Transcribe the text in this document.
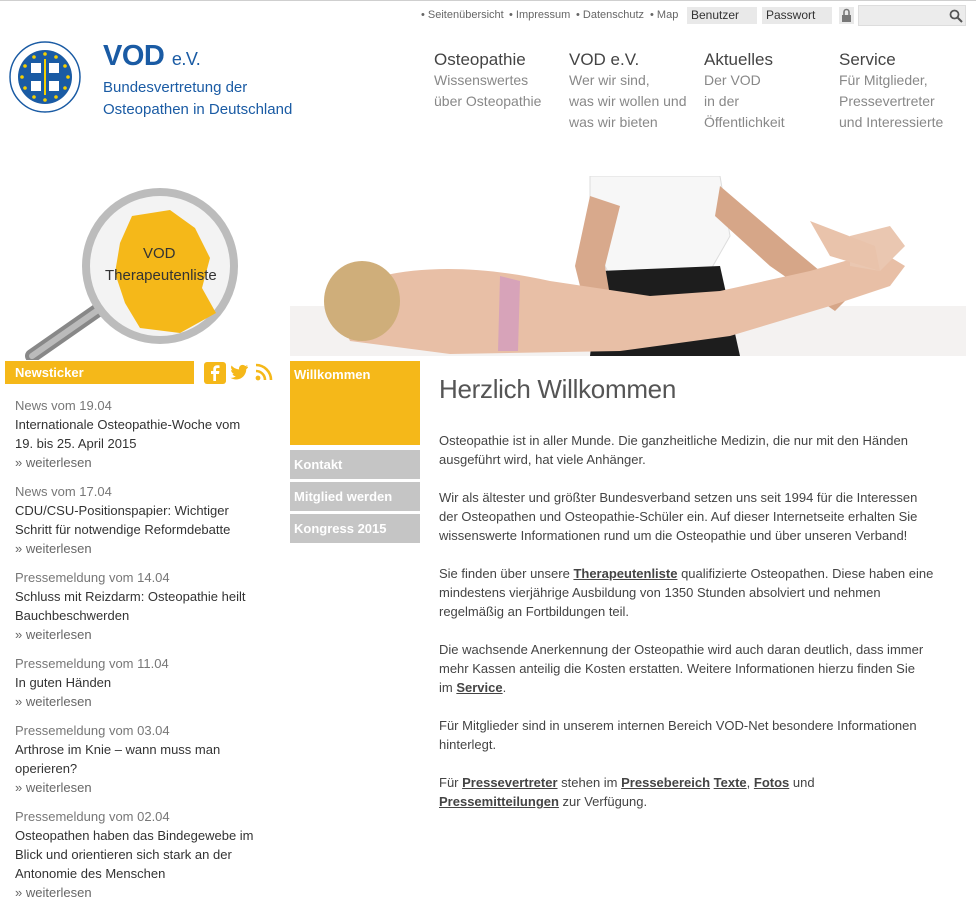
• Seitenübersicht • Impressum • Datenschutz • Map	Benutzer	Passwort
VOD e.V.
Bundesvertretung der
Osteopathen in Deutschland
Osteopathie
Wissenswertes
über Osteopathie
VOD e.V.
Wer wir sind,
was wir wollen und
was wir bieten
Aktuelles
Der VOD
in der
Öffentlichkeit
Service
Für Mitglieder,
Pressevertreter
und Interessierte
VOD
Therapeutenliste
Newsticker
News vom 19.04
Internationale Osteopathie-Woche vom
19. bis 25. April 2015
» weiterlesen
News vom 17.04
CDU/CSU-Positionspapier: Wichtiger
Schritt für notwendige Reformdebatte
» weiterlesen
Pressemeldung vom 14.04
Schluss mit Reizdarm: Osteopathie heilt
Bauchbeschwerden
» weiterlesen
Pressemeldung vom 11.04
In guten Händen
» weiterlesen
Pressemeldung vom 03.04
Arthrose im Knie – wann muss man
operieren?
» weiterlesen
Pressemeldung vom 02.04
Osteopathen haben das Bindegewebe im
Blick und orientieren sich stark an der
Antonomie des Menschen
» weiterlesen
Willkommen
Kontakt
Mitglied werden
Kongress 2015
Herzlich Willkommen
Osteopathie ist in aller Munde. Die ganzheitliche Medizin, die nur mit den Händen
ausgeführt wird, hat viele Anhänger.
Wir als ältester und größter Bundesverband setzen uns seit 1994 für die Interessen
der Osteopathen und Osteopathie-Schüler ein. Auf dieser Internetseite erhalten Sie
wissenswerte Informationen rund um die Osteopathie und über unseren Verband!
Sie finden über unsere Therapeutenliste qualifizierte Osteopathen. Diese haben eine
mindestens vierjährige Ausbildung von 1350 Stunden absolviert und nehmen
regelmäßig an Fortbildungen teil.
Die wachsende Anerkennung der Osteopathie wird auch daran deutlich, dass immer
mehr Kassen anteilig die Kosten erstatten. Weitere Informationen hierzu finden Sie
im Service.
Für Mitglieder sind in unserem internen Bereich VOD-Net besondere Informationen
hinterlegt.
Für Pressevertreter stehen im Pressebereich Texte, Fotos und
Pressemitteilungen zur Verfügung.
